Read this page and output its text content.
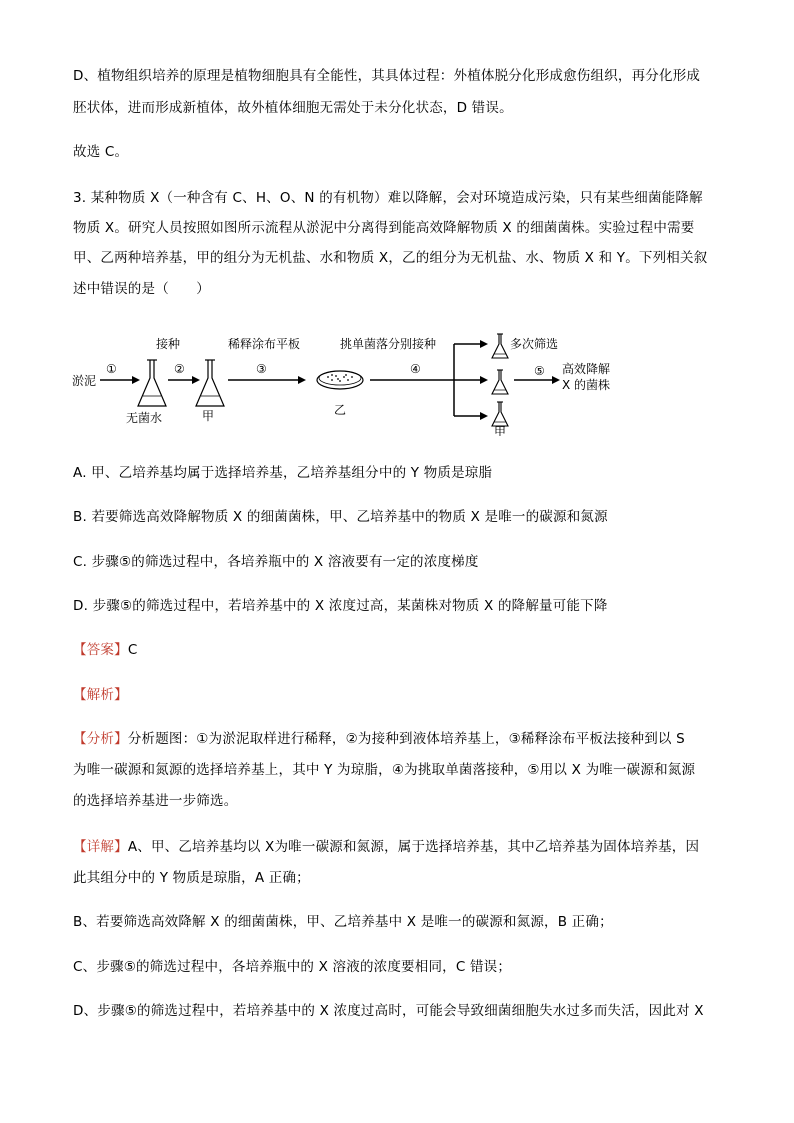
D、植物组织培养的原理是植物细胞具有全能性，其具体过程：外植体脱分化形成愈伤组织，再分化形成
胚状体，进而形成新植体，故外植体细胞无需处于未分化状态，D 错误。
故选 C。
3. 某种物质 X（一种含有 C、H、O、N 的有机物）难以降解，会对环境造成污染，只有某些细菌能降解
物质 X。研究人员按照如图所示流程从淤泥中分离得到能高效降解物质 X 的细菌菌株。实验过程中需要
甲、乙两种培养基，甲的组分为无机盐、水和物质 X，乙的组分为无机盐、水、物质 X 和 Y。下列相关叙
述中错误的是（　　）
淤泥
①
无菌水
接种
②
甲
稀释涂布平板
③
乙
挑单菌落分别接种
④
甲
多次筛选
⑤ 高效降解
X 的菌株
A. 甲、乙培养基均属于选择培养基，乙培养基组分中的 Y 物质是琼脂
B. 若要筛选高效降解物质 X 的细菌菌株，甲、乙培养基中的物质 X 是唯一的碳源和氮源
C. 步骤⑤的筛选过程中，各培养瓶中的 X 溶液要有一定的浓度梯度
D. 步骤⑤的筛选过程中，若培养基中的 X 浓度过高，某菌株对物质 X 的降解量可能下降
【答案】C
【解析】
【分析】分析题图：①为淤泥取样进行稀释，②为接种到液体培养基上，③稀释涂布平板法接种到以 S
为唯一碳源和氮源的选择培养基上，其中 Y 为琼脂，④为挑取单菌落接种，⑤用以 X 为唯一碳源和氮源
的选择培养基进一步筛选。
【详解】A、甲、乙培养基均以 X为唯一碳源和氮源，属于选择培养基，其中乙培养基为固体培养基，因
此其组分中的 Y 物质是琼脂，A 正确；
B、若要筛选高效降解 X 的细菌菌株，甲、乙培养基中 X 是唯一的碳源和氮源，B 正确；
C、步骤⑤的筛选过程中，各培养瓶中的 X 溶液的浓度要相同，C 错误；
D、步骤⑤的筛选过程中，若培养基中的 X 浓度过高时，可能会导致细菌细胞失水过多而失活，因此对 X
